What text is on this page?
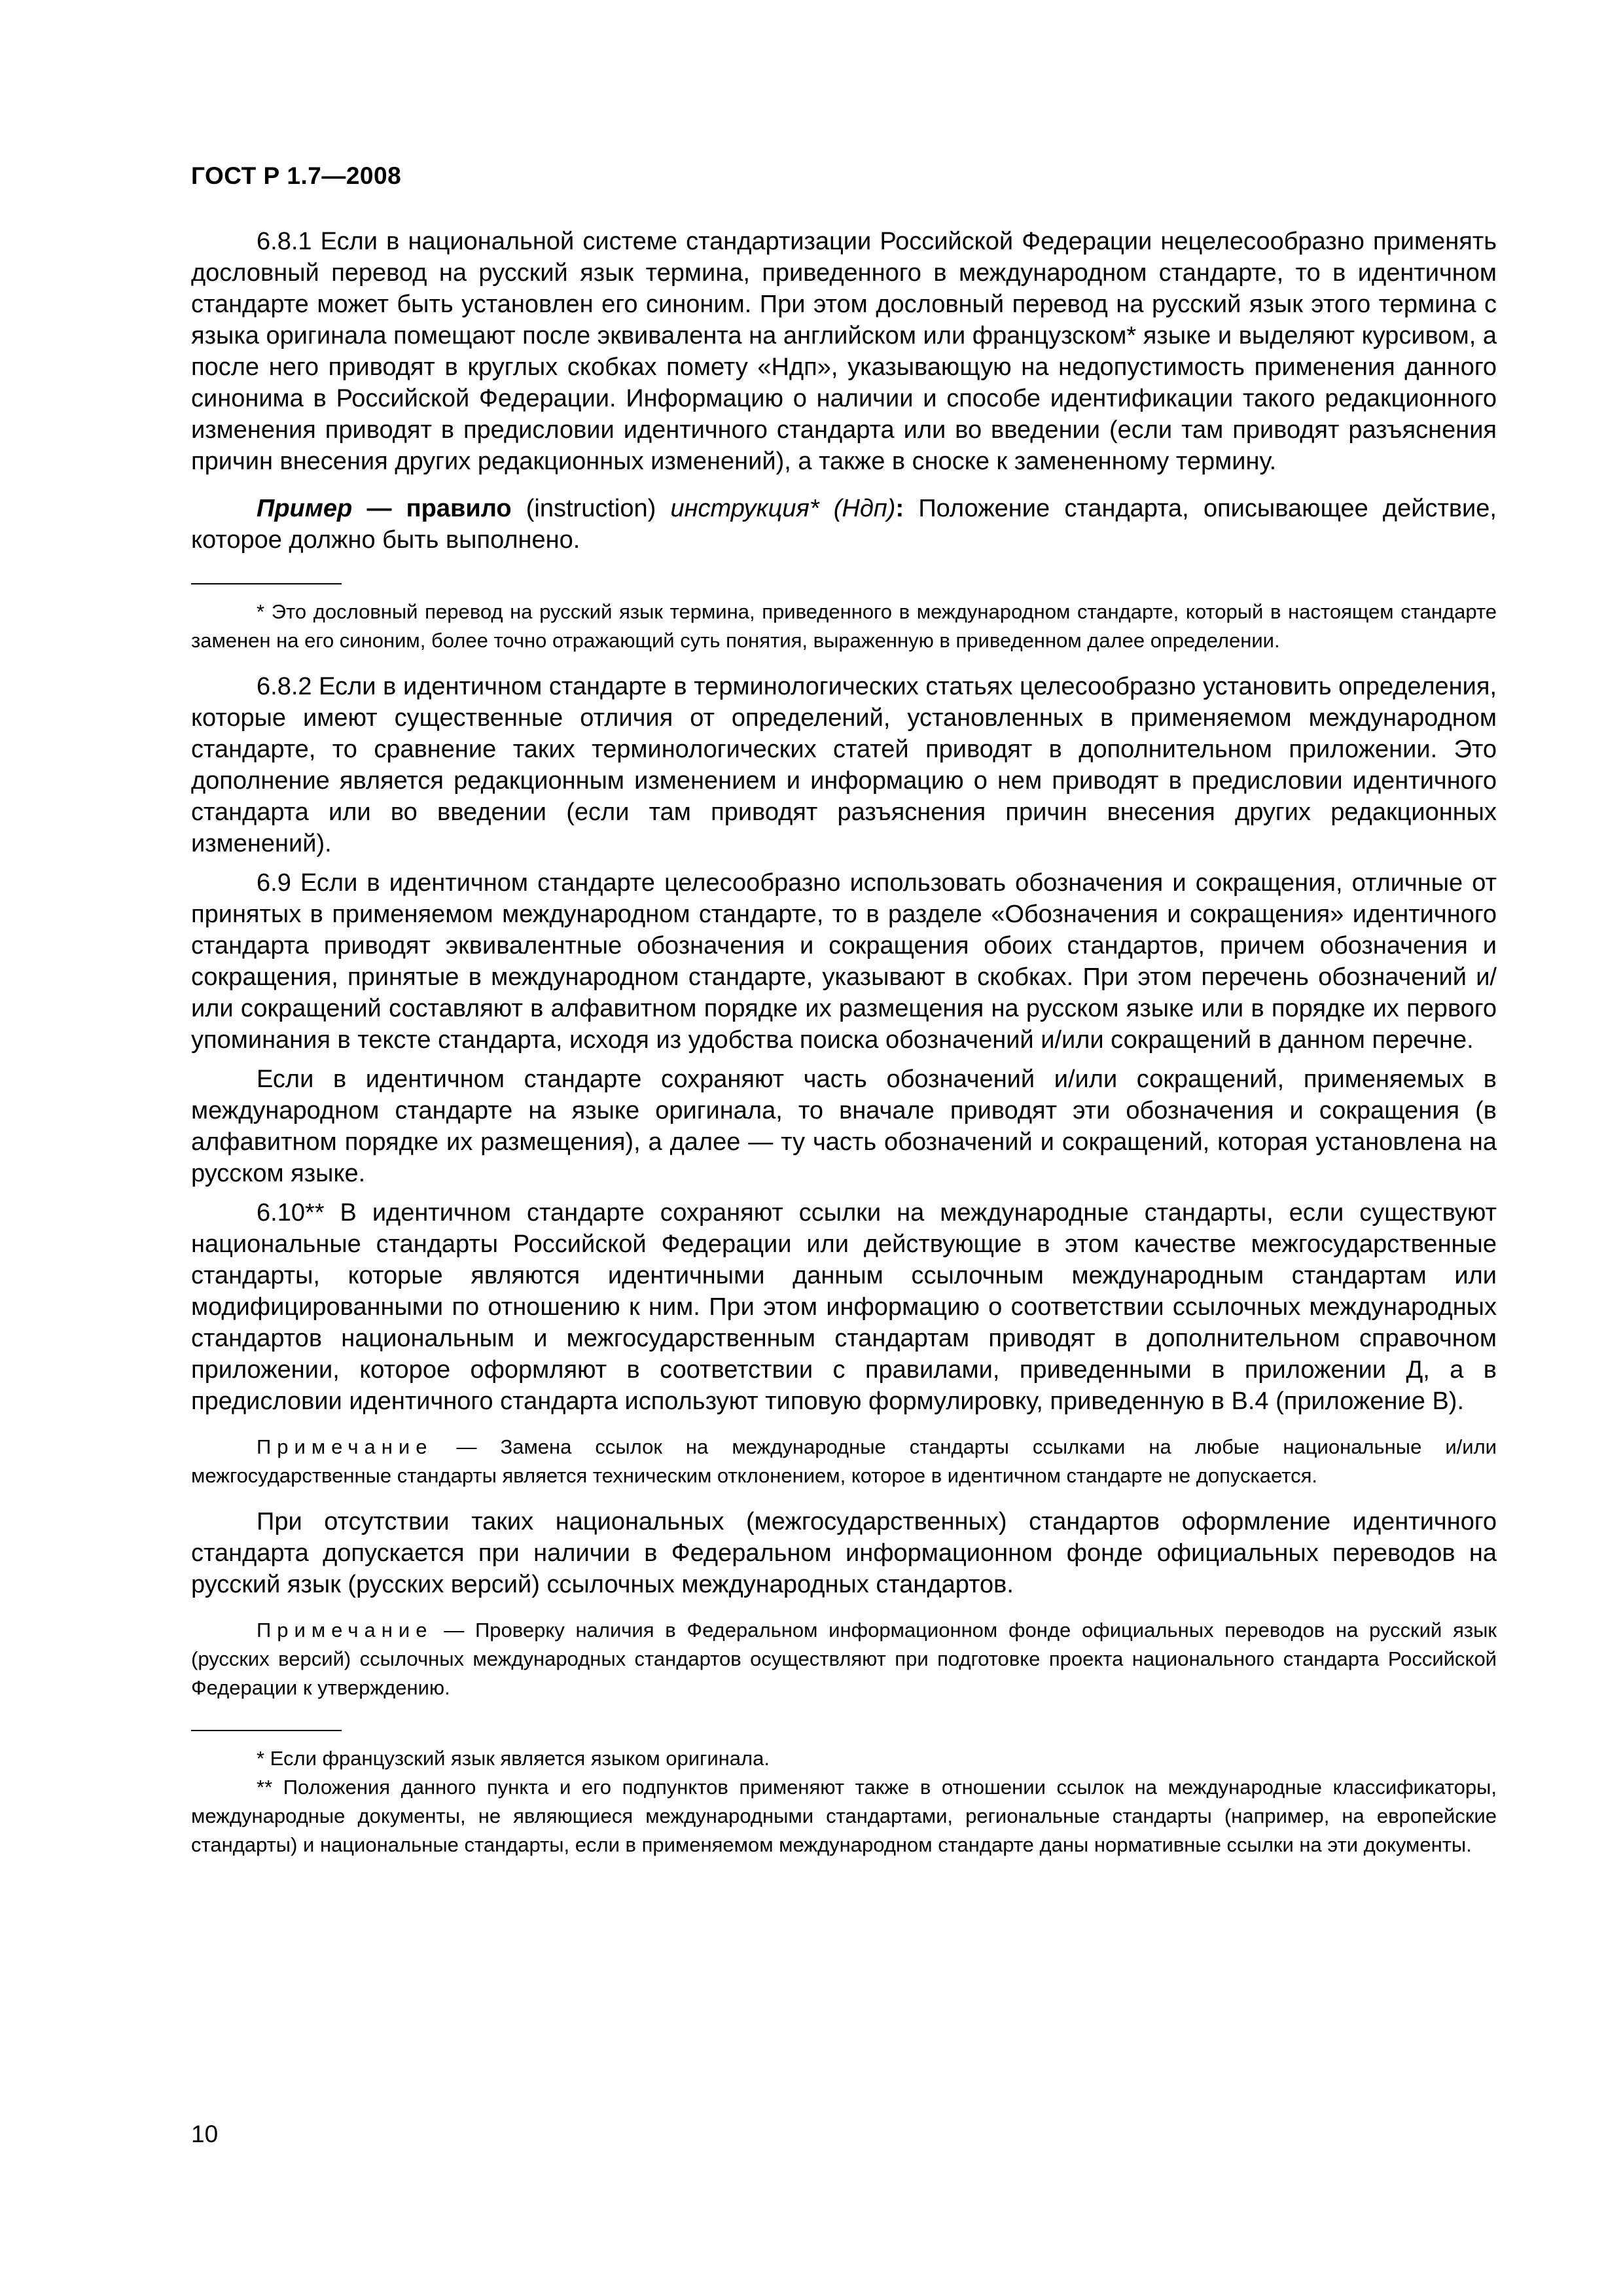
ГОСТ Р 1.7—2008

6.8.1 Если в национальной системе стандартизации Российской Федерации нецелесообразно применять дословный перевод на русский язык термина, приведенного в международном стандарте, то в идентичном стандарте может быть установлен его синоним. При этом дословный перевод на русский язык этого термина с языка оригинала помещают после эквивалента на английском или французском* языке и выделяют курсивом, а после него приводят в круглых скобках помету «Ндп», указывающую на недопустимость применения данного синонима в Российской Федерации. Информацию о наличии и способе идентификации такого редакционного изменения приводят в предисловии идентичного стандарта или во введении (если там приводят разъяснения причин внесения других редакционных изменений), а также в сноске к замененному термину.

Пример — правило (instruction) инструкция* (Ндп): Положение стандарта, описывающее действие, которое должно быть выполнено.

* Это дословный перевод на русский язык термина, приведенного в международном стандарте, который в настоящем стандарте заменен на его синоним, более точно отражающий суть понятия, выраженную в приведенном далее определении.

6.8.2 Если в идентичном стандарте в терминологических статьях целесообразно установить определения, которые имеют существенные отличия от определений, установленных в применяемом международном стандарте, то сравнение таких терминологических статей приводят в дополнительном приложении. Это дополнение является редакционным изменением и информацию о нем приводят в предисловии идентичного стандарта или во введении (если там приводят разъяснения причин внесения других редакционных изменений).

6.9 Если в идентичном стандарте целесообразно использовать обозначения и сокращения, отличные от принятых в применяемом международном стандарте, то в разделе «Обозначения и сокращения» идентичного стандарта приводят эквивалентные обозначения и сокращения обоих стандартов, причем обозначения и сокращения, принятые в международном стандарте, указывают в скобках. При этом перечень обозначений и/или сокращений составляют в алфавитном порядке их размещения на русском языке или в порядке их первого упоминания в тексте стандарта, исходя из удобства поиска обозначений и/или сокращений в данном перечне.

Если в идентичном стандарте сохраняют часть обозначений и/или сокращений, применяемых в международном стандарте на языке оригинала, то вначале приводят эти обозначения и сокращения (в алфавитном порядке их размещения), а далее — ту часть обозначений и сокращений, которая установлена на русском языке.

6.10** В идентичном стандарте сохраняют ссылки на международные стандарты, если существуют национальные стандарты Российской Федерации или действующие в этом качестве межгосударственные стандарты, которые являются идентичными данным ссылочным международным стандартам или модифицированными по отношению к ним. При этом информацию о соответствии ссылочных международных стандартов национальным и межгосударственным стандартам приводят в дополнительном справочном приложении, которое оформляют в соответствии с правилами, приведенными в приложении Д, а в предисловии идентичного стандарта используют типовую формулировку, приведенную в В.4 (приложение В).

Примечание — Замена ссылок на международные стандарты ссылками на любые национальные и/или межгосударственные стандарты является техническим отклонением, которое в идентичном стандарте не допускается.

При отсутствии таких национальных (межгосударственных) стандартов оформление идентичного стандарта допускается при наличии в Федеральном информационном фонде официальных переводов на русский язык (русских версий) ссылочных международных стандартов.

Примечание — Проверку наличия в Федеральном информационном фонде официальных переводов на русский язык (русских версий) ссылочных международных стандартов осуществляют при подготовке проекта национального стандарта Российской Федерации к утверждению.

* Если французский язык является языком оригинала.

** Положения данного пункта и его подпунктов применяют также в отношении ссылок на международные классификаторы, международные документы, не являющиеся международными стандартами, региональные стандарты (например, на европейские стандарты) и национальные стандарты, если в применяемом международном стандарте даны нормативные ссылки на эти документы.

10
